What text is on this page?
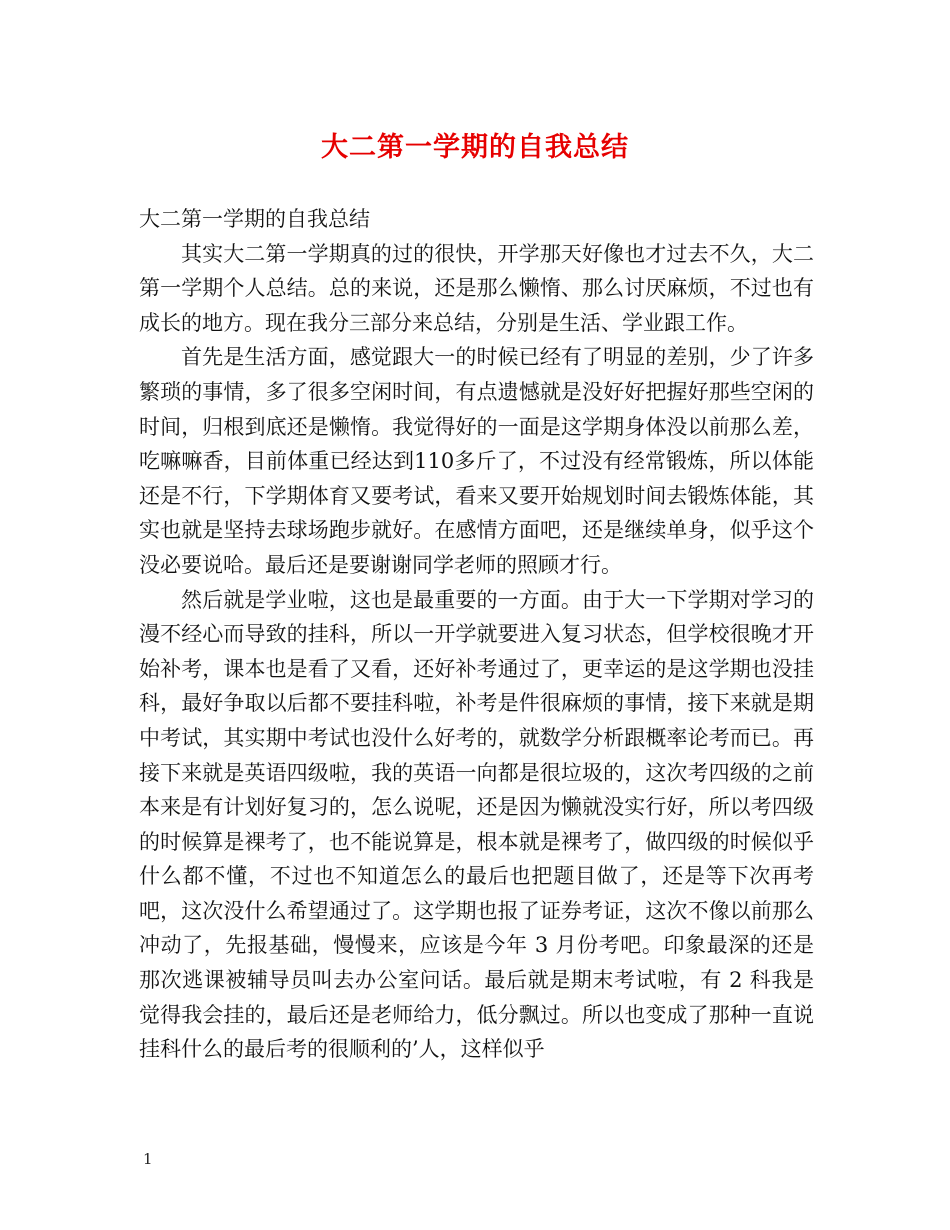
大二第一学期的自我总结

大二第一学期的自我总结

其实大二第一学期真的过的很快，开学那天好像也才过去不久，大二第一学期个人总结。总的来说，还是那么懒惰、那么讨厌麻烦，不过也有成长的地方。现在我分三部分来总结，分别是生活、学业跟工作。

首先是生活方面，感觉跟大一的时候已经有了明显的差别，少了许多繁琐的事情，多了很多空闲时间，有点遗憾就是没好好把握好那些空闲的时间，归根到底还是懒惰。我觉得好的一面是这学期身体没以前那么差，吃嘛嘛香，目前体重已经达到110多斤了，不过没有经常锻炼，所以体能还是不行，下学期体育又要考试，看来又要开始规划时间去锻炼体能，其实也就是坚持去球场跑步就好。在感情方面吧，还是继续单身，似乎这个没必要说哈。最后还是要谢谢同学老师的照顾才行。

然后就是学业啦，这也是最重要的一方面。由于大一下学期对学习的漫不经心而导致的挂科，所以一开学就要进入复习状态，但学校很晚才开始补考，课本也是看了又看，还好补考通过了，更幸运的是这学期也没挂科，最好争取以后都不要挂科啦，补考是件很麻烦的事情，接下来就是期中考试，其实期中考试也没什么好考的，就数学分析跟概率论考而已。再接下来就是英语四级啦，我的英语一向都是很垃圾的，这次考四级的之前本来是有计划好复习的，怎么说呢，还是因为懒就没实行好，所以考四级的时候算是裸考了，也不能说算是，根本就是裸考了，做四级的时候似乎什么都不懂，不过也不知道怎么的最后也把题目做了，还是等下次再考吧，这次没什么希望通过了。这学期也报了证券考证，这次不像以前那么冲动了，先报基础，慢慢来，应该是今年 3 月份考吧。印象最深的还是那次逃课被辅导员叫去办公室问话。最后就是期末考试啦，有 2 科我是觉得我会挂的，最后还是老师给力，低分飘过。所以也变成了那种一直说挂科什么的最后考的很顺利的’人，这样似乎

1
